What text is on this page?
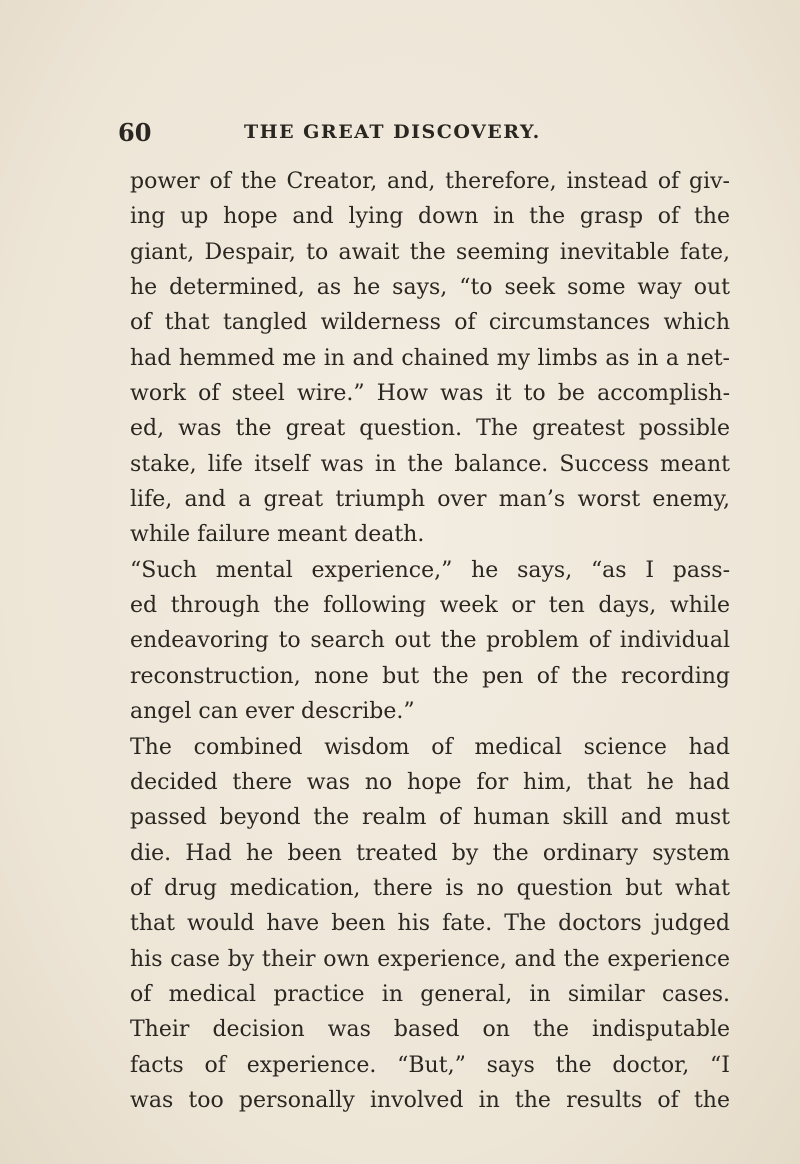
60	THE GREAT DISCOVERY.
power of the Creator, and, therefore, instead of giv-
ing up hope and lying down in the grasp of the
giant, Despair, to await the seeming inevitable fate,
he determined, as he says, “to seek some way out
of that tangled wilderness of circumstances which
had hemmed me in and chained my limbs as in a net-
work of steel wire.” How was it to be accomplish-
ed, was the great question. The greatest possible
stake, life itself was in the balance. Success meant
life, and a great triumph over man’s worst enemy,
while failure meant death.
“Such mental experience,” he says, “as I pass-
ed through the following week or ten days, while
endeavoring to search out the problem of individual
reconstruction, none but the pen of the recording
angel can ever describe.”
The combined wisdom of medical science had
decided there was no hope for him, that he had
passed beyond the realm of human skill and must
die. Had he been treated by the ordinary system
of drug medication, there is no question but what
that would have been his fate. The doctors judged
his case by their own experience, and the experience
of medical practice in general, in similar cases.
Their decision was based on the indisputable
facts of experience. “But,” says the doctor, “I
was too personally involved in the results of the
